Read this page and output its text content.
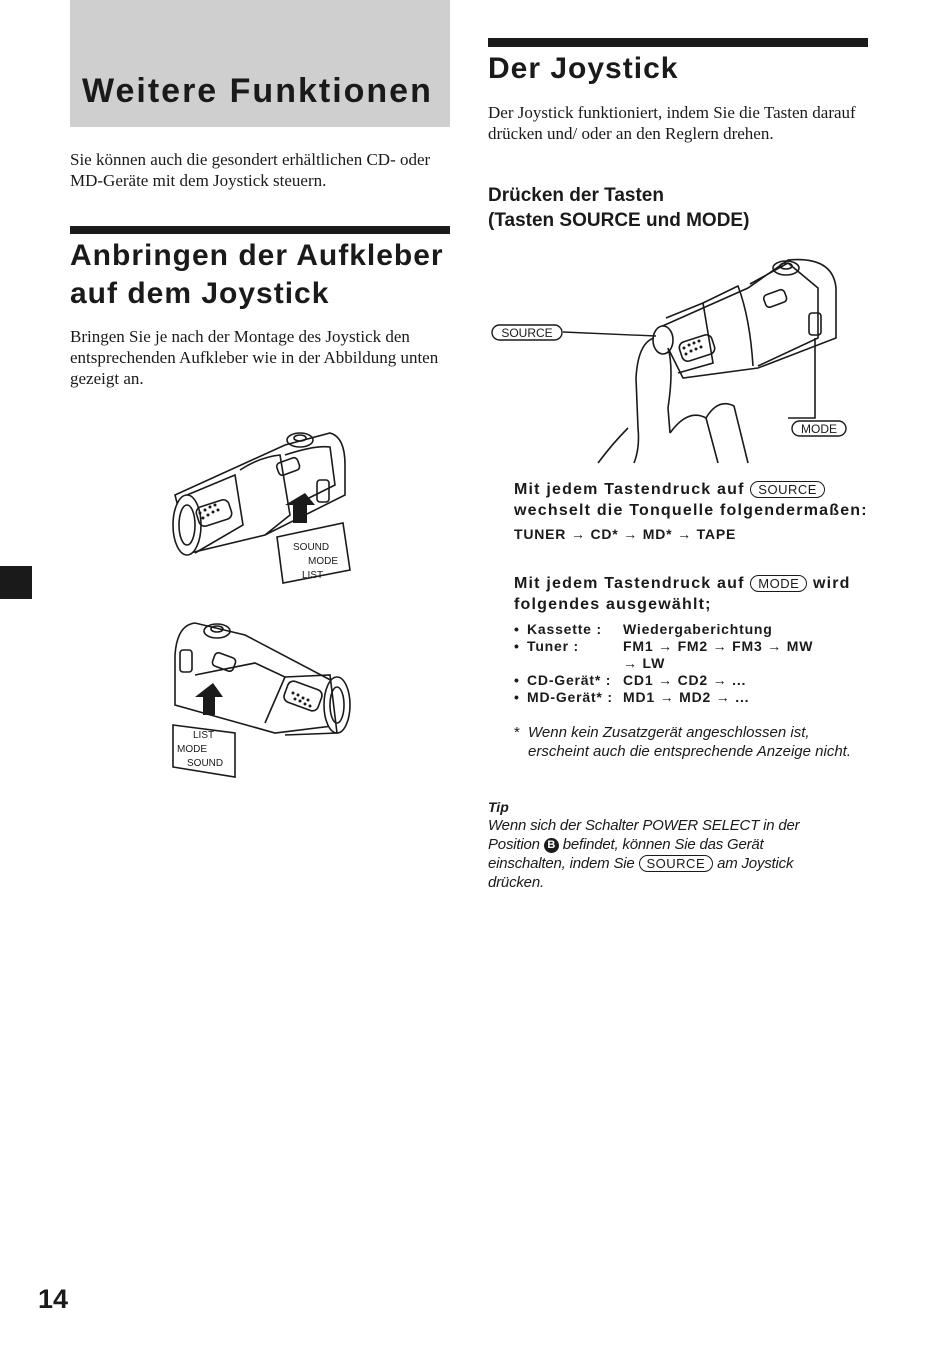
Weitere Funktionen

Sie können auch die gesondert erhältlichen CD- oder MD-Geräte mit dem Joystick steuern.

Anbringen der Aufkleber
auf dem Joystick

Bringen Sie je nach der Montage des Joystick den entsprechenden Aufkleber wie in der Abbildung unten gezeigt an.

SOUND
MODE
LIST
LIST
MODE
SOUND
Der Joystick

Der Joystick funktioniert, indem Sie die Tasten darauf drücken und/ oder an den Reglern drehen.

Drücken der Tasten
(Tasten SOURCE und MODE)
SOURCE
MODE
Mit jedem Tastendruck auf SOURCE
wechselt die Tonquelle folgendermaßen:
TUNER → CD* → MD* → TAPE
Mit jedem Tastendruck auf MODE wird
folgendes ausgewählt;
• Kassette :	Wiedergaberichtung
• Tuner :	FM1 → FM2 → FM3 → MW
→ LW
• CD-Gerät* : CD1 → CD2 → ...
• MD-Gerät* : MD1 → MD2 → ...
* Wenn kein Zusatzgerät angeschlossen ist, erscheint auch die entsprechende Anzeige nicht.
Tip
Wenn sich der Schalter POWER SELECT in der Position B befindet, können Sie das Gerät einschalten, indem Sie SOURCE am Joystick drücken.
14
